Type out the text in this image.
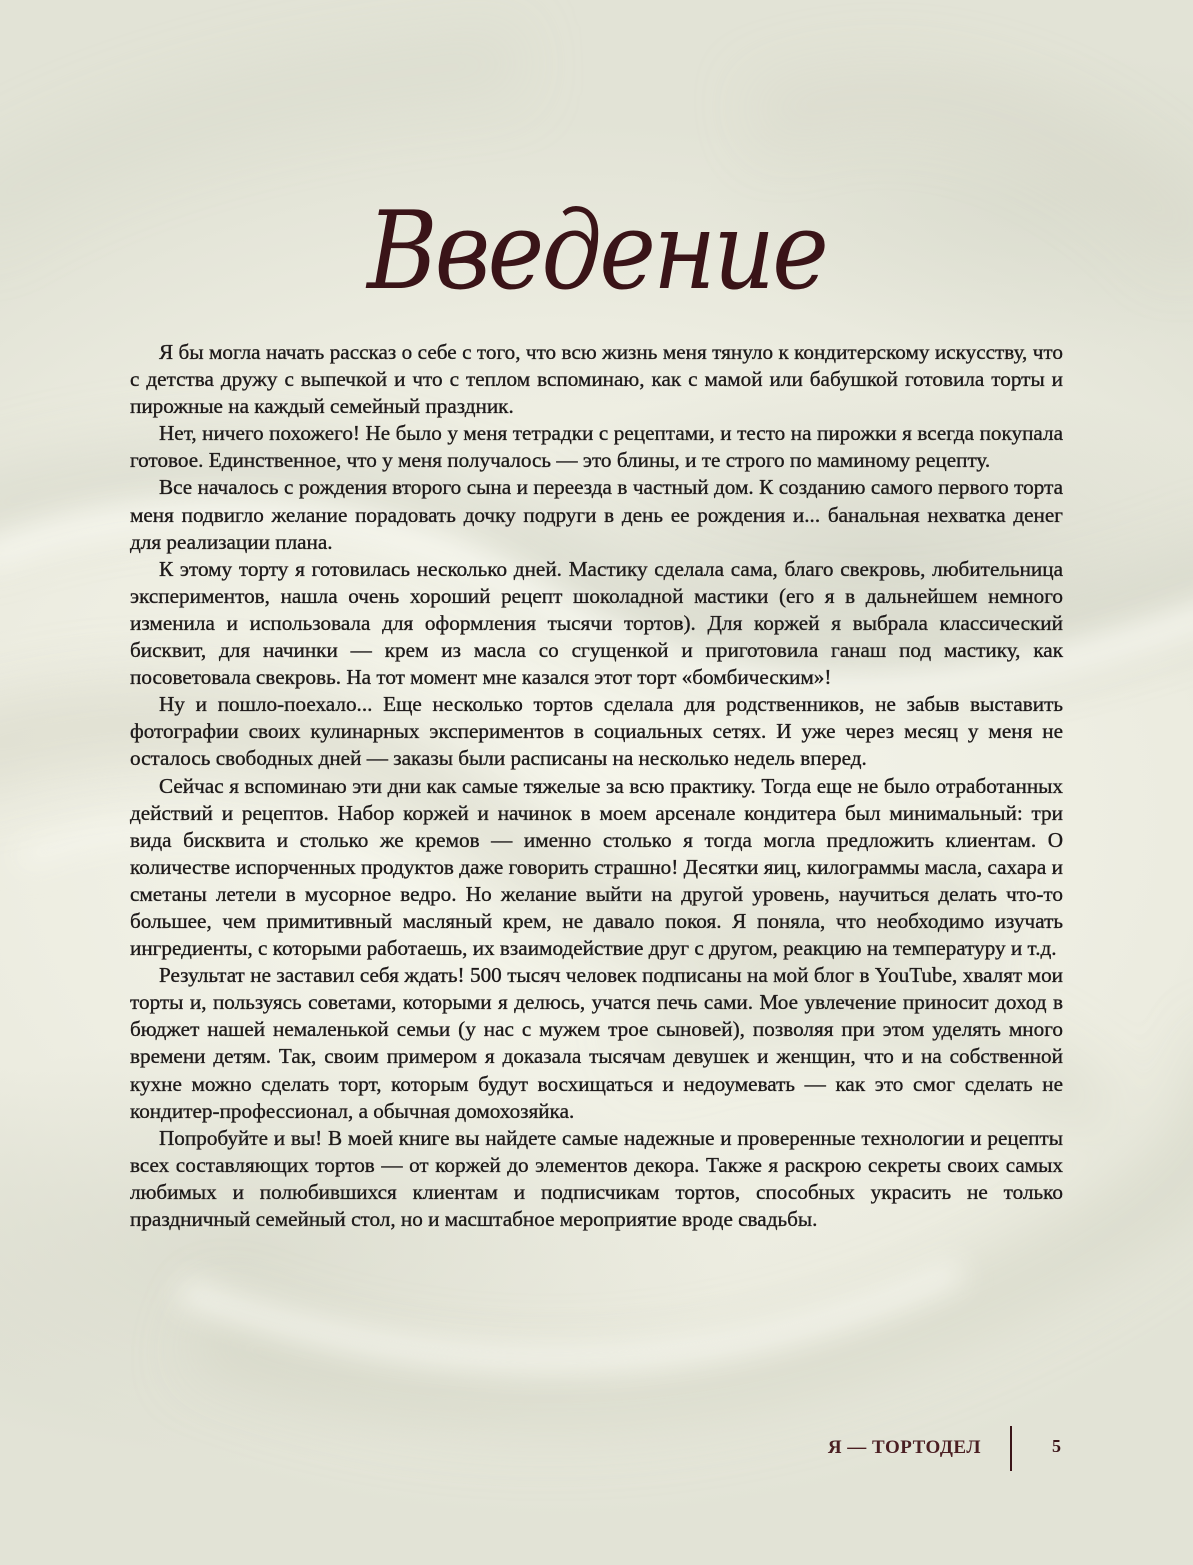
Введение

Я бы могла начать рассказ о себе с того, что всю жизнь меня тянуло к кондитерскому искусству, что с детства дружу с выпечкой и что с теплом вспоминаю, как с мамой или бабушкой готовила торты и пирожные на каждый семейный праздник.

Нет, ничего похожего! Не было у меня тетрадки с рецептами, и тесто на пирожки я всегда покупала готовое. Единственное, что у меня получалось — это блины, и те строго по маминому рецепту.

Все началось с рождения второго сына и переезда в частный дом. К созданию самого первого торта меня подвигло желание порадовать дочку подруги в день ее рождения и... банальная нехватка денег для реализации плана.

К этому торту я готовилась несколько дней. Мастику сделала сама, благо свекровь, любительница экспериментов, нашла очень хороший рецепт шоколадной мастики (его я в дальнейшем немного изменила и использовала для оформления тысячи тортов). Для коржей я выбрала классический бисквит, для начинки — крем из масла со сгущенкой и приготовила ганаш под мастику, как посоветовала свекровь. На тот момент мне казался этот торт «бомбическим»!

Ну и пошло-поехало... Еще несколько тортов сделала для родственников, не забыв выставить фотографии своих кулинарных экспериментов в социальных сетях. И уже через месяц у меня не осталось свободных дней — заказы были расписаны на несколько недель вперед.

Сейчас я вспоминаю эти дни как самые тяжелые за всю практику. Тогда еще не было отработанных действий и рецептов. Набор коржей и начинок в моем арсенале кондитера был минимальный: три вида бисквита и столько же кремов — именно столько я тогда могла предложить клиентам. О количестве испорченных продуктов даже говорить страшно! Десятки яиц, килограммы масла, сахара и сметаны летели в мусорное ведро. Но желание выйти на другой уровень, научиться делать что-то большее, чем примитивный масляный крем, не давало покоя. Я поняла, что необходимо изучать ингредиенты, с которыми работаешь, их взаимодействие друг с другом, реакцию на температуру и т.д.

Результат не заставил себя ждать! 500 тысяч человек подписаны на мой блог в YouTube, хвалят мои торты и, пользуясь советами, которыми я делюсь, учатся печь сами. Мое увлечение приносит доход в бюджет нашей немаленькой семьи (у нас с мужем трое сыновей), позволяя при этом уделять много времени детям. Так, своим примером я доказала тысячам девушек и женщин, что и на собственной кухне можно сделать торт, которым будут восхищаться и недоумевать — как это смог сделать не кондитер-профессионал, а обычная домохозяйка.

Попробуйте и вы! В моей книге вы найдете самые надежные и проверенные технологии и рецепты всех составляющих тортов — от коржей до элементов декора. Также я раскрою секреты своих самых любимых и полюбившихся клиентам и подписчикам тортов, способных украсить не только праздничный семейный стол, но и масштабное мероприятие вроде свадьбы.

Я — ТОРТОДЕЛ	5
